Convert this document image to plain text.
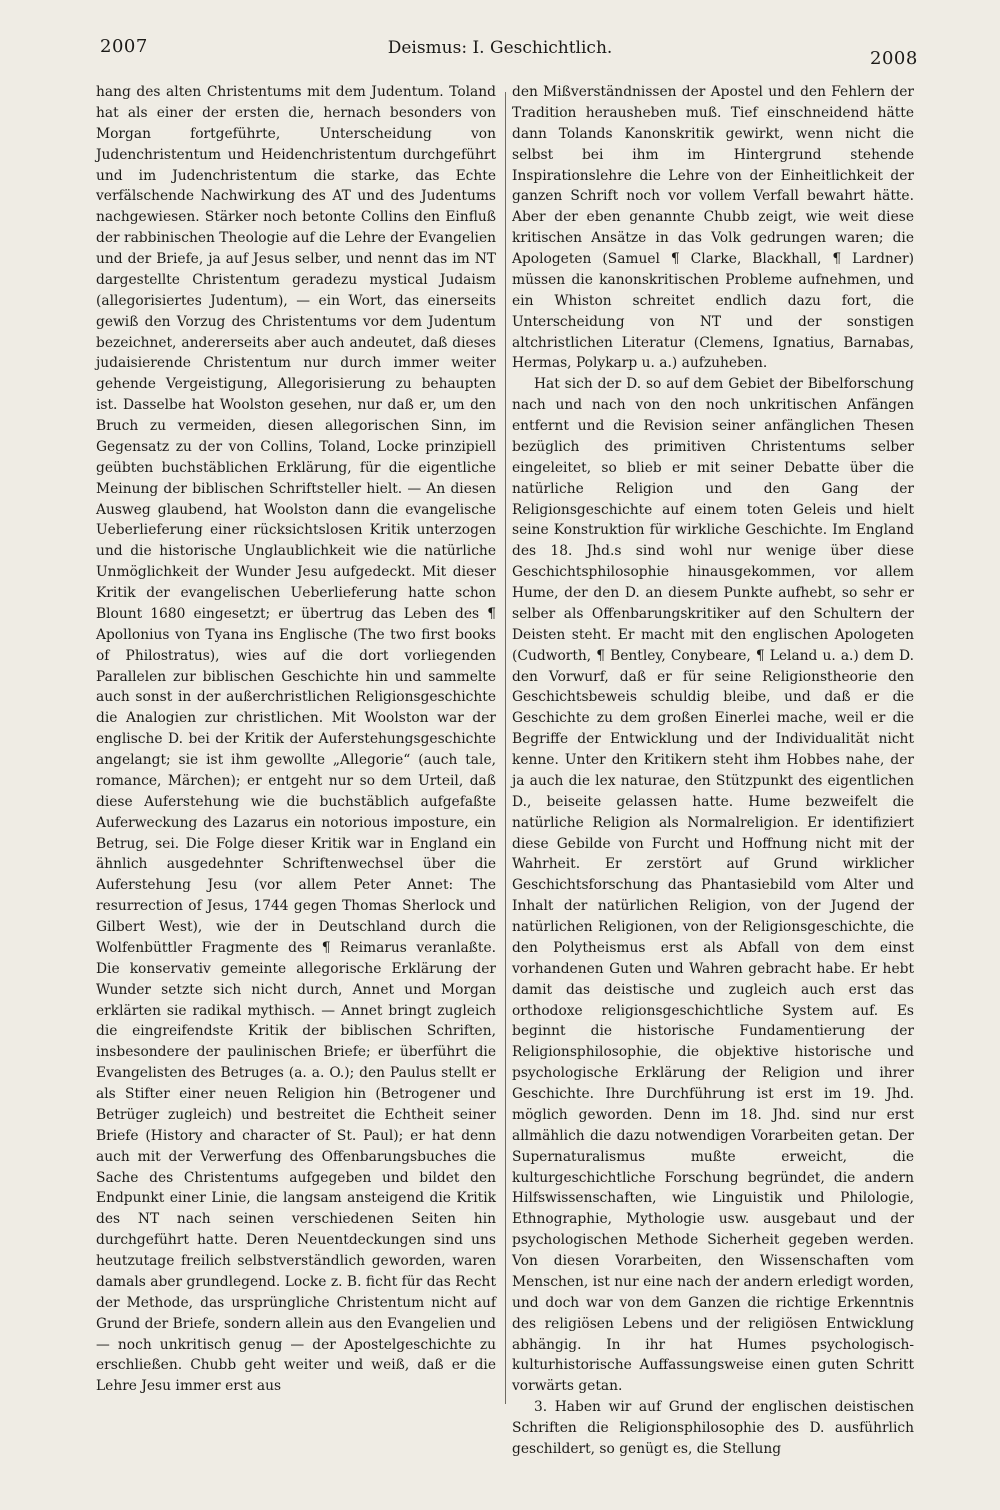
2007	Deismus: I. Geschichtlich.	2008

hang des alten Christentums mit dem Judentum. Toland hat als einer der ersten die, hernach besonders von Morgan fortgeführte, Unterscheidung von Judenchristentum und Heidenchristentum durchgeführt und im Judenchristentum die starke, das Echte verfälschende Nachwirkung des AT und des Judentums nachgewiesen. Stärker noch betonte Collins den Einfluß der rabbinischen Theologie auf die Lehre der Evangelien und der Briefe, ja auf Jesus selber, und nennt das im NT dargestellte Christentum geradezu mystical Judaism (allegorisiertes Judentum), — ein Wort, das einerseits gewiß den Vorzug des Christentums vor dem Judentum bezeichnet, andererseits aber auch andeutet, daß dieses judaisierende Christentum nur durch immer weiter gehende Vergeistigung, Allegorisierung zu behaupten ist. Dasselbe hat Woolston gesehen, nur daß er, um den Bruch zu vermeiden, diesen allegorischen Sinn, im Gegensatz zu der von Collins, Toland, Locke prinzipiell geübten buchstäblichen Erklärung, für die eigentliche Meinung der biblischen Schriftsteller hielt. — An diesen Ausweg glaubend, hat Woolston dann die evangelische Ueberlieferung einer rücksichtslosen Kritik unterzogen und die historische Unglaublichkeit wie die natürliche Unmöglichkeit der Wunder Jesu aufgedeckt. Mit dieser Kritik der evangelischen Ueberlieferung hatte schon Blount 1680 eingesetzt; er übertrug das Leben des ¶ Apollonius von Tyana ins Englische (The two first books of Philostratus), wies auf die dort vorliegenden Parallelen zur biblischen Geschichte hin und sammelte auch sonst in der außerchristlichen Religionsgeschichte die Analogien zur christlichen. Mit Woolston war der englische D. bei der Kritik der Auferstehungsgeschichte angelangt; sie ist ihm gewollte „Allegorie“ (auch tale, romance, Märchen); er entgeht nur so dem Urteil, daß diese Auferstehung wie die buchstäblich aufgefaßte Auferweckung des Lazarus ein notorious imposture, ein Betrug, sei. Die Folge dieser Kritik war in England ein ähnlich ausgedehnter Schriftenwechsel über die Auferstehung Jesu (vor allem Peter Annet: The resurrection of Jesus, 1744 gegen Thomas Sherlock und Gilbert West), wie der in Deutschland durch die Wolfenbüttler Fragmente des ¶ Reimarus veranlaßte. Die konservativ gemeinte allegorische Erklärung der Wunder setzte sich nicht durch, Annet und Morgan erklärten sie radikal mythisch. — Annet bringt zugleich die eingreifendste Kritik der biblischen Schriften, insbesondere der paulinischen Briefe; er überführt die Evangelisten des Betruges (a. a. O.); den Paulus stellt er als Stifter einer neuen Religion hin (Betrogener und Betrüger zugleich) und bestreitet die Echtheit seiner Briefe (History and character of St. Paul); er hat denn auch mit der Verwerfung des Offenbarungsbuches die Sache des Christentums aufgegeben und bildet den Endpunkt einer Linie, die langsam ansteigend die Kritik des NT nach seinen verschiedenen Seiten hin durchgeführt hatte. Deren Neuentdeckungen sind uns heutzutage freilich selbstverständlich geworden, waren damals aber grundlegend. Locke z. B. ficht für das Recht der Methode, das ursprüngliche Christentum nicht auf Grund der Briefe, sondern allein aus den Evangelien und — noch unkritisch genug — der Apostelgeschichte zu erschließen. Chubb geht weiter und weiß, daß er die Lehre Jesu immer erst aus

den Mißverständnissen der Apostel und den Fehlern der Tradition herausheben muß. Tief einschneidend hätte dann Tolands Kanonskritik gewirkt, wenn nicht die selbst bei ihm im Hintergrund stehende Inspirationslehre die Lehre von der Einheitlichkeit der ganzen Schrift noch vor vollem Verfall bewahrt hätte. Aber der eben genannte Chubb zeigt, wie weit diese kritischen Ansätze in das Volk gedrungen waren; die Apologeten (Samuel ¶ Clarke, Blackhall, ¶ Lardner) müssen die kanonskritischen Probleme aufnehmen, und ein Whiston schreitet endlich dazu fort, die Unterscheidung von NT und der sonstigen altchristlichen Literatur (Clemens, Ignatius, Barnabas, Hermas, Polykarp u. a.) aufzuheben.

Hat sich der D. so auf dem Gebiet der Bibelforschung nach und nach von den noch unkritischen Anfängen entfernt und die Revision seiner anfänglichen Thesen bezüglich des primitiven Christentums selber eingeleitet, so blieb er mit seiner Debatte über die natürliche Religion und den Gang der Religionsgeschichte auf einem toten Geleis und hielt seine Konstruktion für wirkliche Geschichte. Im England des 18. Jhd.s sind wohl nur wenige über diese Geschichtsphilosophie hinausgekommen, vor allem Hume, der den D. an diesem Punkte aufhebt, so sehr er selber als Offenbarungskritiker auf den Schultern der Deisten steht. Er macht mit den englischen Apologeten (Cudworth, ¶ Bentley, Conybeare, ¶ Leland u. a.) dem D. den Vorwurf, daß er für seine Religionstheorie den Geschichtsbeweis schuldig bleibe, und daß er die Geschichte zu dem großen Einerlei mache, weil er die Begriffe der Entwicklung und der Individualität nicht kenne. Unter den Kritikern steht ihm Hobbes nahe, der ja auch die lex naturae, den Stützpunkt des eigentlichen D., beiseite gelassen hatte. Hume bezweifelt die natürliche Religion als Normalreligion. Er identifiziert diese Gebilde von Furcht und Hoffnung nicht mit der Wahrheit. Er zerstört auf Grund wirklicher Geschichtsforschung das Phantasiebild vom Alter und Inhalt der natürlichen Religion, von der Jugend der natürlichen Religionen, von der Religionsgeschichte, die den Polytheismus erst als Abfall von dem einst vorhandenen Guten und Wahren gebracht habe. Er hebt damit das deistische und zugleich auch erst das orthodoxe religionsgeschichtliche System auf. Es beginnt die historische Fundamentierung der Religionsphilosophie, die objektive historische und psychologische Erklärung der Religion und ihrer Geschichte. Ihre Durchführung ist erst im 19. Jhd. möglich geworden. Denn im 18. Jhd. sind nur erst allmählich die dazu notwendigen Vorarbeiten getan. Der Supernaturalismus mußte erweicht, die kulturgeschichtliche Forschung begründet, die andern Hilfswissenschaften, wie Linguistik und Philologie, Ethnographie, Mythologie usw. ausgebaut und der psychologischen Methode Sicherheit gegeben werden. Von diesen Vorarbeiten, den Wissenschaften vom Menschen, ist nur eine nach der andern erledigt worden, und doch war von dem Ganzen die richtige Erkenntnis des religiösen Lebens und der religiösen Entwicklung abhängig. In ihr hat Humes psychologisch-kulturhistorische Auffassungsweise einen guten Schritt vorwärts getan.

3. Haben wir auf Grund der englischen deistischen Schriften die Religionsphilosophie des D. ausführlich geschildert, so genügt es, die Stellung
